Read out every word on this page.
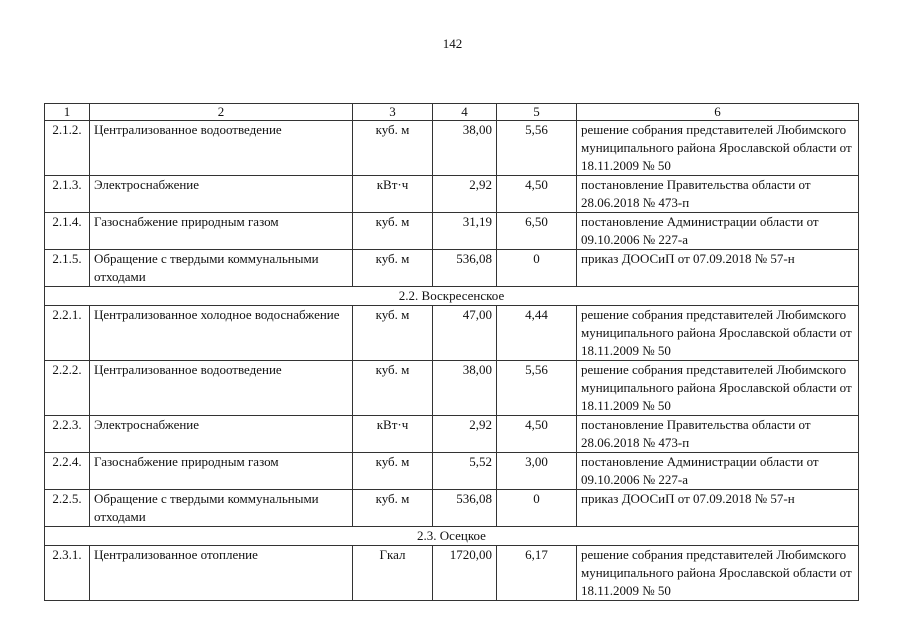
142
1	2	3	4	5	6
2.1.2.	Централизованное водоотведение	куб. м	38,00	5,56	решение собрания представителей Любимского муниципального района Ярославской области от 18.11.2009 № 50
2.1.3.	Электроснабжение	кВт·ч	2,92	4,50	постановление Правительства области от 28.06.2018 № 473-п
2.1.4.	Газоснабжение природным газом	куб. м	31,19	6,50	постановление Администрации области от 09.10.2006 № 227-а
2.1.5.	Обращение с твердыми коммунальными отходами	куб. м	536,08	0	приказ ДООСиП от 07.09.2018 № 57-н
2.2. Воскресенское					
2.2.1.	Централизованное холодное водоснабжение	куб. м	47,00	4,44	решение собрания представителей Любимского муниципального района Ярославской области от 18.11.2009 № 50
2.2.2.	Централизованное водоотведение	куб. м	38,00	5,56	решение собрания представителей Любимского муниципального района Ярославской области от 18.11.2009 № 50
2.2.3.	Электроснабжение	кВт·ч	2,92	4,50	постановление Правительства области от 28.06.2018 № 473-п
2.2.4.	Газоснабжение природным газом	куб. м	5,52	3,00	постановление Администрации области от 09.10.2006 № 227-а
2.2.5.	Обращение с твердыми коммунальными отходами	куб. м	536,08	0	приказ ДООСиП от 07.09.2018 № 57-н
2.3. Осецкое					
2.3.1.	Централизованное отопление	Гкал	1720,00	6,17	решение собрания представителей Любимского муниципального района Ярославской области от 18.11.2009 № 50
